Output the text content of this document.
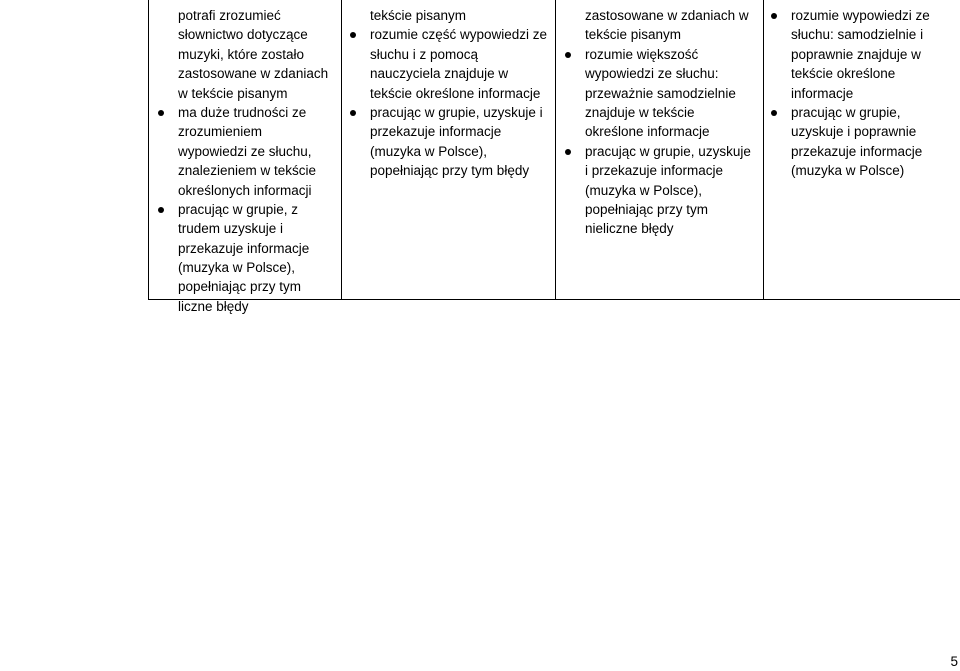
potrafi zrozumieć
słownictwo dotyczące
muzyki, które zostało
zastosowane w zdaniach
w tekście pisanym
ma duże trudności ze
zrozumieniem
wypowiedzi ze słuchu,
znalezieniem w tekście
określonych informacji
pracując w grupie, z
trudem uzyskuje i
przekazuje informacje
(muzyka w Polsce),
popełniając przy tym
liczne błędy
tekście pisanym
rozumie część wypowiedzi ze
słuchu i z pomocą
nauczyciela znajduje w
tekście określone informacje
pracując w grupie, uzyskuje i
przekazuje informacje
(muzyka w Polsce),
popełniając przy tym błędy
zastosowane w zdaniach w
tekście pisanym
rozumie większość
wypowiedzi ze słuchu:
przeważnie samodzielnie
znajduje w tekście
określone informacje
pracując w grupie, uzyskuje
i przekazuje informacje
(muzyka w Polsce),
popełniając przy tym
nieliczne błędy
rozumie wypowiedzi ze
słuchu: samodzielnie i
poprawnie znajduje w
tekście określone
informacje
pracując w grupie,
uzyskuje i poprawnie
przekazuje informacje
(muzyka w Polsce)
5
